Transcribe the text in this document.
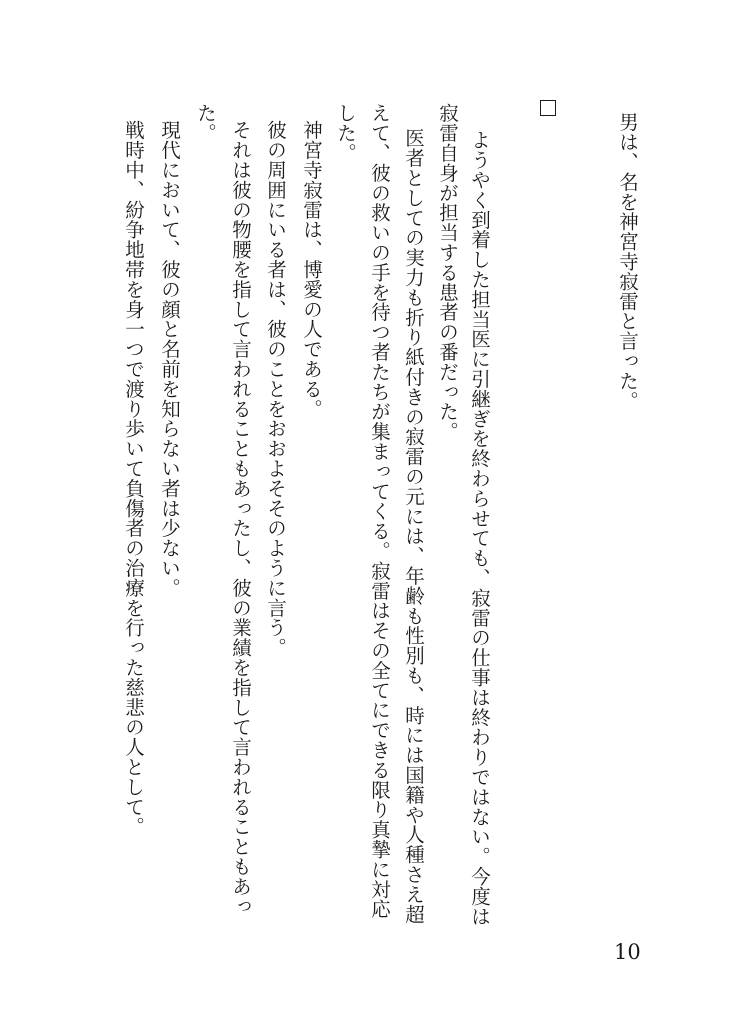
男は、名を神宮寺寂雷と言った。
ようやく到着した担当医に引継ぎを終わらせても、寂雷の仕事は終わりではない。今度は
寂雷自身が担当する患者の番だった。
医者としての実力も折り紙付きの寂雷の元には、年齢も性別も、時には国籍や人種さえ超
えて、彼の救いの手を待つ者たちが集まってくる。寂雷はその全てにできる限り真摯に対応
した。
神宮寺寂雷は、博愛の人である。
彼の周囲にいる者は、彼のことをおおよそそのように言う。
それは彼の物腰を指して言われることもあったし、彼の業績を指して言われることもあっ
た。
現代において、彼の顔と名前を知らない者は少ない。
戦時中、紛争地帯を身一つで渡り歩いて負傷者の治療を行った慈悲の人として。
10
